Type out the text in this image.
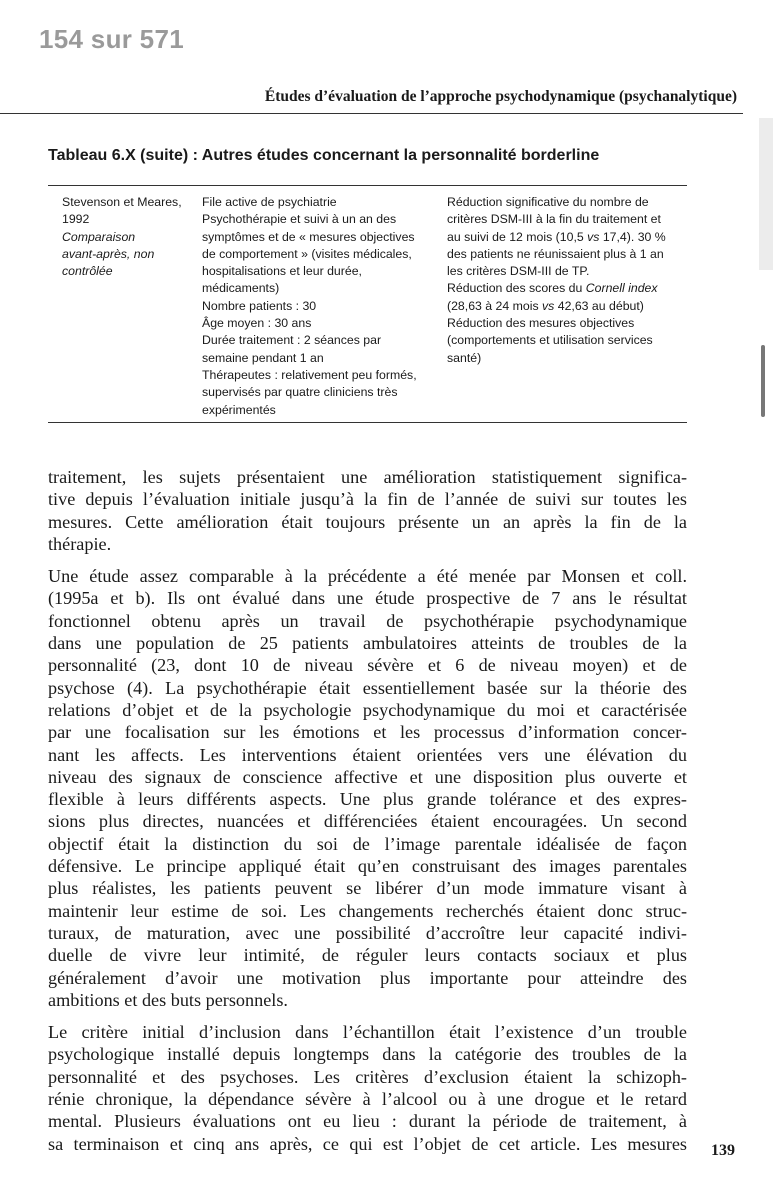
154 sur 571
Études d’évaluation de l’approche psychodynamique (psychanalytique)
Tableau 6.X (suite) : Autres études concernant la personnalité borderline
Stevenson et Meares,
1992
Comparaison
avant-après, non
contrôlée
File active de psychiatrie
Psychothérapie et suivi à un an des
symptômes et de « mesures objectives
de comportement » (visites médicales,
hospitalisations et leur durée,
médicaments)
Nombre patients : 30
Âge moyen : 30 ans
Durée traitement : 2 séances par
semaine pendant 1 an
Thérapeutes : relativement peu formés,
supervisés par quatre cliniciens très
expérimentés
Réduction significative du nombre de
critères DSM-III à la fin du traitement et
au suivi de 12 mois (10,5 vs 17,4). 30 %
des patients ne réunissaient plus à 1 an
les critères DSM-III de TP.
Réduction des scores du Cornell index
(28,63 à 24 mois vs 42,63 au début)
Réduction des mesures objectives
(comportements et utilisation services
santé)

traitement, les sujets présentaient une amélioration statistiquement significa-
tive depuis l’évaluation initiale jusqu’à la fin de l’année de suivi sur toutes les
mesures. Cette amélioration était toujours présente un an après la fin de la
thérapie.

Une étude assez comparable à la précédente a été menée par Monsen et coll.
(1995a et b). Ils ont évalué dans une étude prospective de 7 ans le résultat
fonctionnel obtenu après un travail de psychothérapie psychodynamique
dans une population de 25 patients ambulatoires atteints de troubles de la
personnalité (23, dont 10 de niveau sévère et 6 de niveau moyen) et de
psychose (4). La psychothérapie était essentiellement basée sur la théorie des
relations d’objet et de la psychologie psychodynamique du moi et caractérisée
par une focalisation sur les émotions et les processus d’information concer-
nant les affects. Les interventions étaient orientées vers une élévation du
niveau des signaux de conscience affective et une disposition plus ouverte et
flexible à leurs différents aspects. Une plus grande tolérance et des expres-
sions plus directes, nuancées et différenciées étaient encouragées. Un second
objectif était la distinction du soi de l’image parentale idéalisée de façon
défensive. Le principe appliqué était qu’en construisant des images parentales
plus réalistes, les patients peuvent se libérer d’un mode immature visant à
maintenir leur estime de soi. Les changements recherchés étaient donc struc-
turaux, de maturation, avec une possibilité d’accroître leur capacité indivi-
duelle de vivre leur intimité, de réguler leurs contacts sociaux et plus
généralement d’avoir une motivation plus importante pour atteindre des
ambitions et des buts personnels.

Le critère initial d’inclusion dans l’échantillon était l’existence d’un trouble
psychologique installé depuis longtemps dans la catégorie des troubles de la
personnalité et des psychoses. Les critères d’exclusion étaient la schizoph-
rénie chronique, la dépendance sévère à l’alcool ou à une drogue et le retard
mental. Plusieurs évaluations ont eu lieu : durant la période de traitement, à
sa terminaison et cinq ans après, ce qui est l’objet de cet article. Les mesures 139
